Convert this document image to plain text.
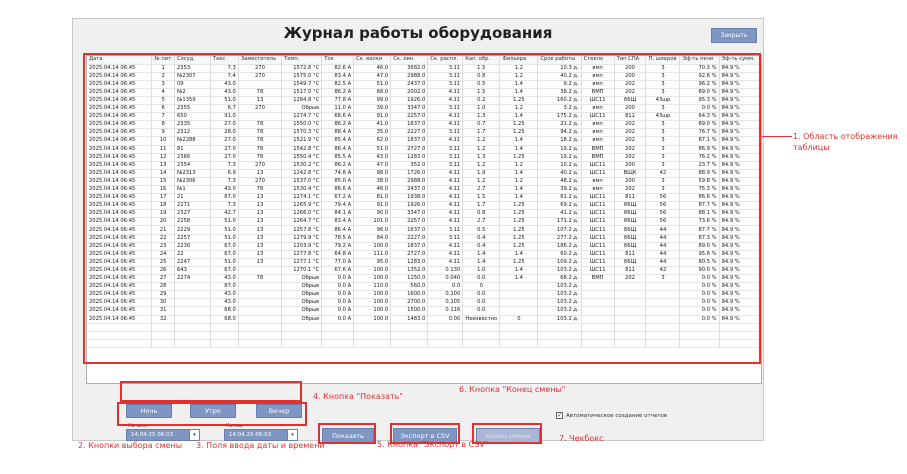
Журнал работы оборудования	Закрыть
Дата	№ пит.	Сосуд.	Текс	Заместитель	Темп.	Ток	Ск. валки	Ск. лин.	Ск. распл.	Кап. обр.	Фильера	Срок работы	Стекло	Тип СПА	П. шиеров	Эф-ть печи	Эф-ть сумм.
2025.04.14 06:45	1	2353	7.3	270	1572.8 °C	82.6 A	46.0	3682.0	3.11	1.5	1.2	10.3 д.	вмп	200	3	70.3 %	84.9 %
2025.04.14 06:45	2	№2307	7.4	270	1575.0 °C	83.4 A	47.0	2988.0	3.11	0.8	1.2	40.2 д.	вмп	200	3	92.6 %	84.9 %
2025.04.14 06:45	3	09	43.0		1549.7 °C	82.5 A	51.0	2437.0	3.11	0.5	1.4	9.2 д.	вмп	202	3	96.2 %	84.9 %
2025.04.14 06:45	4	№2	43.0	78	1517.0 °C	86.2 A	68.0	2002.0	4.11	1.5	1.4	38.2 д.	ВМП	202	3	89.0 %	84.9 %
2025.04.14 06:45	5	№1359	51.0	13	1284.8 °C	77.8 A	99.0	1926.0	4.11	0.2	1.25	160.2 д.	ШС11	86Щ	43шр	95.3 %	84.9 %
2025.04.14 06:45	6	2355	6.7	270	Обрыв	11.0 A	39.0	3347.0	3.11	1.0	1.2	3.2 д.	вмп	200	3	0.0 %	84.9 %
2025.04.14 06:45	7	650	91.0		1274.7 °C	68.6 A	91.0	2257.0	4.11	1.3	1.4	175.2 д.	ШС11	811	43шр	64.3 %	84.9 %
2025.04.14 06:45	8	2335	27.0	78	1550.0 °C	86.2 A	41.0	1637.0	4.11	0.7	1.25	21.2 д.	вмп	202	3	89.0 %	84.9 %
2025.04.14 06:45	9	2312	28.0	78	1570.3 °C	88.4 A	35.0	2227.0	3.11	1.7	1.25	94.2 д.	вмп	202	3	76.7 %	84.9 %
2025.04.14 06:45	10	№2288	27.0	78	1521.9 °C	85.4 A	62.0	1837.0	4.11	1.2	1.4	18.2 д.	вмп	202	3	87.1 %	84.9 %
2025.04.14 06:45	11	81	27.0	78	1542.8 °C	86.4 A	51.0	2727.0	3.11	1.2	1.4	19.2 д.	ВМП	202	3	86.9 %	84.9 %
2025.04.14 06:45	12	2366	27.0	78	1550.4 °C	85.5 A	43.0	1283.0	3.11	1.3	1.25	19.2 д.	ВМП	202	3	76.2 %	84.9 %
2025.04.14 06:45	13	2354	7.3	270	1530.2 °C	86.2 A	47.0	352.0	3.11	1.2	1.2	10.2 д.	ШС11	200	3	23.7 %	84.9 %
2025.04.14 06:45	14	№2313	6.9	13	1242.6 °C	74.8 A	98.0	1726.0	4.11	1.9	1.4	40.2 д.	ШС11	ВЩК	42	88.9 %	84.9 %
2025.04.14 06:45	15	№2306	7.3	270	1537.0 °C	85.0 A	38.0	2988.0	4.11	1.2	1.2	48.2 д.	вмп	200	3	59.8 %	84.9 %
2025.04.14 06:45	16	№1	43.0	78	1530.4 °C	86.6 A	46.0	2437.0	4.11	2.7	1.4	39.2 д.	вмп	202	3	75.3 %	84.9 %
2025.04.14 06:45	17	21	67.0	13	1274.1 °C	67.2 A	81.0	1938.0	4.11	1.5	1.4	61.2 д.	ШС11	811	56	86.6 %	84.9 %
2025.04.14 06:45	18	2271	7.3	13	1265.9 °C	79.4 A	91.0	1926.0	4.11	1.7	1.25	69.2 д.	ШС11	86Щ	56	87.7 %	84.9 %
2025.04.14 06:45	19	2327	42.7	13	1266.0 °C	84.1 A	90.0	3347.0	4.11	0.8	1.25	41.2 д.	ШС11	86Щ	56	88.1 %	84.9 %
2025.04.14 06:45	20	2258	51.0	13	1264.7 °C	83.4 A	101.0	2257.0	4.11	2.7	1.25	171.2 д.	ШС11	86Щ	56	73.6 %	84.9 %
2025.04.14 06:45	21	2229	51.0	13	1257.8 °C	86.4 A	96.0	1637.0	3.11	0.5	1.25	107.2 д.	ШС11	86Щ	44	87.7 %	84.9 %
2025.04.14 06:45	22	2257	51.0	13	1279.9 °C	78.5 A	84.0	2227.0	3.11	0.4	1.25	277.2 д.	ШС11	86Щ	44	87.3 %	84.9 %
2025.04.14 06:45	23	2230	67.0	13	1203.9 °C	79.2 A	100.0	1837.0	4.11	0.4	1.25	186.2 д.	ШС11	86Щ	44	89.0 %	84.9 %
2025.04.14 06:45	24	22	67.0	13	1277.8 °C	64.8 A	111.0	2727.0	4.11	1.4	1.4	60.2 д.	ШС11	811	44	95.6 %	84.9 %
2025.04.14 06:45	25	2247	51.0	13	1277.1 °C	77.0 A	95.0	1283.0	4.11	1.4	1.25	109.2 д.	ШС11	86Щ	44	80.5 %	84.9 %
2025.04.14 06:45	26	643	67.0		1270.1 °C	67.6 A	100.0	1352.0	0.130	1.0	1.4	103.2 д.	ШС11	811	42	90.0 %	84.9 %
2025.04.14 06:45	27	2274	43.0	78	Обрыв	0.0 A	100.0	1150.0	0.040	0.0	1.4	68.2 д.	ВМП	202	3	0.0 %	84.9 %
2025.04.14 06:45	28		87.0		Обрыв	0.0 A	110.0	560.0	0.0	0		103.2 д.				0.0 %	84.9 %
2025.04.14 06:45	29		43.0		Обрыв	0.0 A	100.0	1600.0	0.100	0.0		103.2 д.				0.0 %	84.9 %
2025.04.14 06:45	30		43.0		Обрыв	0.0 A	100.0	2700.0	0.105	0.0		103.2 д.				0.0 %	84.9 %
2025.04.14 06:45	31		68.0		Обрыв	0.0 A	100.0	1500.0	0.116	0.0		103.2 д.				0.0 %	84.9 %
2025.04.14 06:45	32		68.0		Обрыв	0.0 A	100.0	1483.0	0.00	Неизвестно	0	103.2 д.				0.0 %	84.9 %

Ночь	Утро	Вечер
Начало
14.04.25 06:03	▾
Конец
14.04.25 06:03	▾	Показать	Экспорт в CSV	Конец смены
✓ Автоматическое создание отчетов
1. Область отображения таблицы
2. Кнопки выбора смены 3. Поля ввода даты и времени
4. Кнопка "Показать"
5. Кнопка "Экспорт в CSV"
6. Кнопка "Конец смены"
7. Чекбокс
